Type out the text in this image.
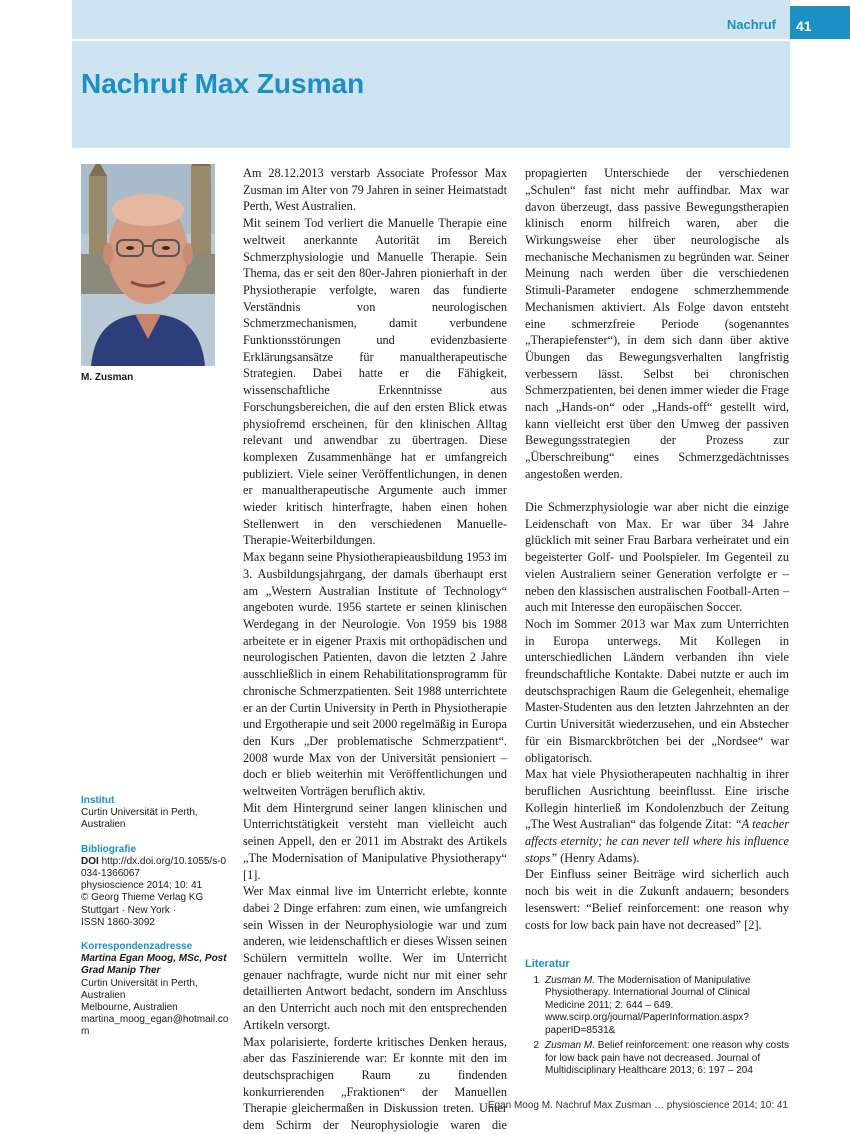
Nachruf	41
Nachruf Max Zusman
M. Zusman
Institut
Curtin Universität in Perth, Australien
Bibliografie
DOI http://dx.doi.org/10.1055/s-0034-1366067
physioscience 2014; 10: 41
© Georg Thieme Verlag KG
Stuttgart · New York ·
ISSN 1860-3092
Korrespondenzadresse
Martina Egan Moog, MSc, Post Grad Manip Ther
Curtin Universität in Perth, Australien
Melbourne, Australien
martina_moog_egan@hotmail.com

Am 28.12.2013 verstarb Associate Professor Max Zusman im Alter von 79 Jahren in seiner Heimatstadt Perth, West Australien.

Mit seinem Tod verliert die Manuelle Therapie eine weltweit anerkannte Autorität im Bereich Schmerzphysiologie und Manuelle Therapie. Sein Thema, das er seit den 80er-Jahren pionierhaft in der Physiotherapie verfolgte, waren das fundierte Verständnis von neurologischen Schmerzmechanismen, damit verbundene Funktionsstörungen und evidenzbasierte Erklärungsansätze für manualtherapeutische Strategien. Dabei hatte er die Fähigkeit, wissenschaftliche Erkenntnisse aus Forschungsbereichen, die auf den ersten Blick etwas physiofremd erscheinen, für den klinischen Alltag relevant und anwendbar zu übertragen. Diese komplexen Zusammenhänge hat er umfangreich publiziert. Viele seiner Veröffentlichungen, in denen er manualtherapeutische Argumente auch immer wieder kritisch hinterfragte, haben einen hohen Stellenwert in den verschiedenen Manuelle-Therapie-Weiterbildungen.

Max begann seine Physiotherapieausbildung 1953 im 3. Ausbildungsjahrgang, der damals überhaupt erst am „Western Australian Institute of Technology“ angeboten wurde. 1956 startete er seinen klinischen Werdegang in der Neurologie. Von 1959 bis 1988 arbeitete er in eigener Praxis mit orthopädischen und neurologischen Patienten, davon die letzten 2 Jahre ausschließlich in einem Rehabilitationsprogramm für chronische Schmerzpatienten. Seit 1988 unterrichtete er an der Curtin University in Perth in Physiotherapie und Ergotherapie und seit 2000 regelmäßig in Europa den Kurs „Der problematische Schmerzpatient“. 2008 wurde Max von der Universität pensioniert – doch er blieb weiterhin mit Veröffentlichungen und weltweiten Vorträgen beruflich aktiv.

Mit dem Hintergrund seiner langen klinischen und Unterrichtstätigkeit versteht man vielleicht auch seinen Appell, den er 2011 im Abstrakt des Artikels „The Modernisation of Manipulative Physiotherapy“ [1].

Wer Max einmal live im Unterricht erlebte, konnte dabei 2 Dinge erfahren: zum einen, wie umfangreich sein Wissen in der Neurophysiologie war und zum anderen, wie leidenschaftlich er dieses Wissen seinen Schülern vermitteln wollte. Wer im Unterricht genauer nachfragte, wurde nicht nur mit einer sehr detaillierten Antwort bedacht, sondern im Anschluss an den Unterricht auch noch mit den entsprechenden Artikeln versorgt.

Max polarisierte, forderte kritisches Denken heraus, aber das Faszinierende war: Er konnte mit den im deutschsprachigen Raum zu findenden konkurrierenden „Fraktionen“ der Manuellen Therapie gleichermaßen in Diskussion treten. Unter dem Schirm der Neurophysiologie waren die

propagierten Unterschiede der verschiedenen „Schulen“ fast nicht mehr auffindbar. Max war davon überzeugt, dass passive Bewegungstherapien klinisch enorm hilfreich waren, aber die Wirkungsweise eher über neurologische als mechanische Mechanismen zu begründen war. Seiner Meinung nach werden über die verschiedenen Stimuli-Parameter endogene schmerzhemmende Mechanismen aktiviert. Als Folge davon entsteht eine schmerzfreie Periode (sogenanntes „Therapiefenster“), in dem sich dann über aktive Übungen das Bewegungsverhalten langfristig verbessern lässt. Selbst bei chronischen Schmerzpatienten, bei denen immer wieder die Frage nach „Hands-on“ oder „Hands-off“ gestellt wird, kann vielleicht erst über den Umweg der passiven Bewegungsstrategien der Prozess zur „Überschreibung“ eines Schmerzgedächtnisses angestoßen werden.

Die Schmerzphysiologie war aber nicht die einzige Leidenschaft von Max. Er war über 34 Jahre glücklich mit seiner Frau Barbara verheiratet und ein begeisterter Golf- und Poolspieler. Im Gegenteil zu vielen Australiern seiner Generation verfolgte er – neben den klassischen australischen Football-Arten – auch mit Interesse den europäischen Soccer.

Noch im Sommer 2013 war Max zum Unterrichten in Europa unterwegs. Mit Kollegen in unterschiedlichen Ländern verbanden ihn viele freundschaftliche Kontakte. Dabei nutzte er auch im deutschsprachigen Raum die Gelegenheit, ehemalige Master-Studenten aus den letzten Jahrzehnten an der Curtin Universität wiederzusehen, und ein Abstecher für ein Bismarckbrötchen bei der „Nordsee“ war obligatorisch.

Max hat viele Physiotherapeuten nachhaltig in ihrer beruflichen Ausrichtung beeinflusst. Eine irische Kollegin hinterließ im Kondolenzbuch der Zeitung „The West Australian“ das folgende Zitat: “A teacher affects eternity; he can never tell where his influence stops” (Henry Adams).

Der Einfluss seiner Beiträge wird sicherlich auch noch bis weit in die Zukunft andauern; besonders lesenswert: “Belief reinforcement: one reason why costs for low back pain have not decreased” [2].

Literatur
1 Zusman M. The Modernisation of Manipulative Physiotherapy. International Journal of Clinical Medicine 2011; 2: 644 – 649. www.scirp.org/journal/PaperInformation.aspx?paperID=8531&
2 Zusman M. Belief reinforcement: one reason why costs for low back pain have not decreased. Journal of Multidisciplinary Healthcare 2013; 6: 197 – 204
Egan Moog M. Nachruf Max Zusman … physioscience 2014; 10: 41
